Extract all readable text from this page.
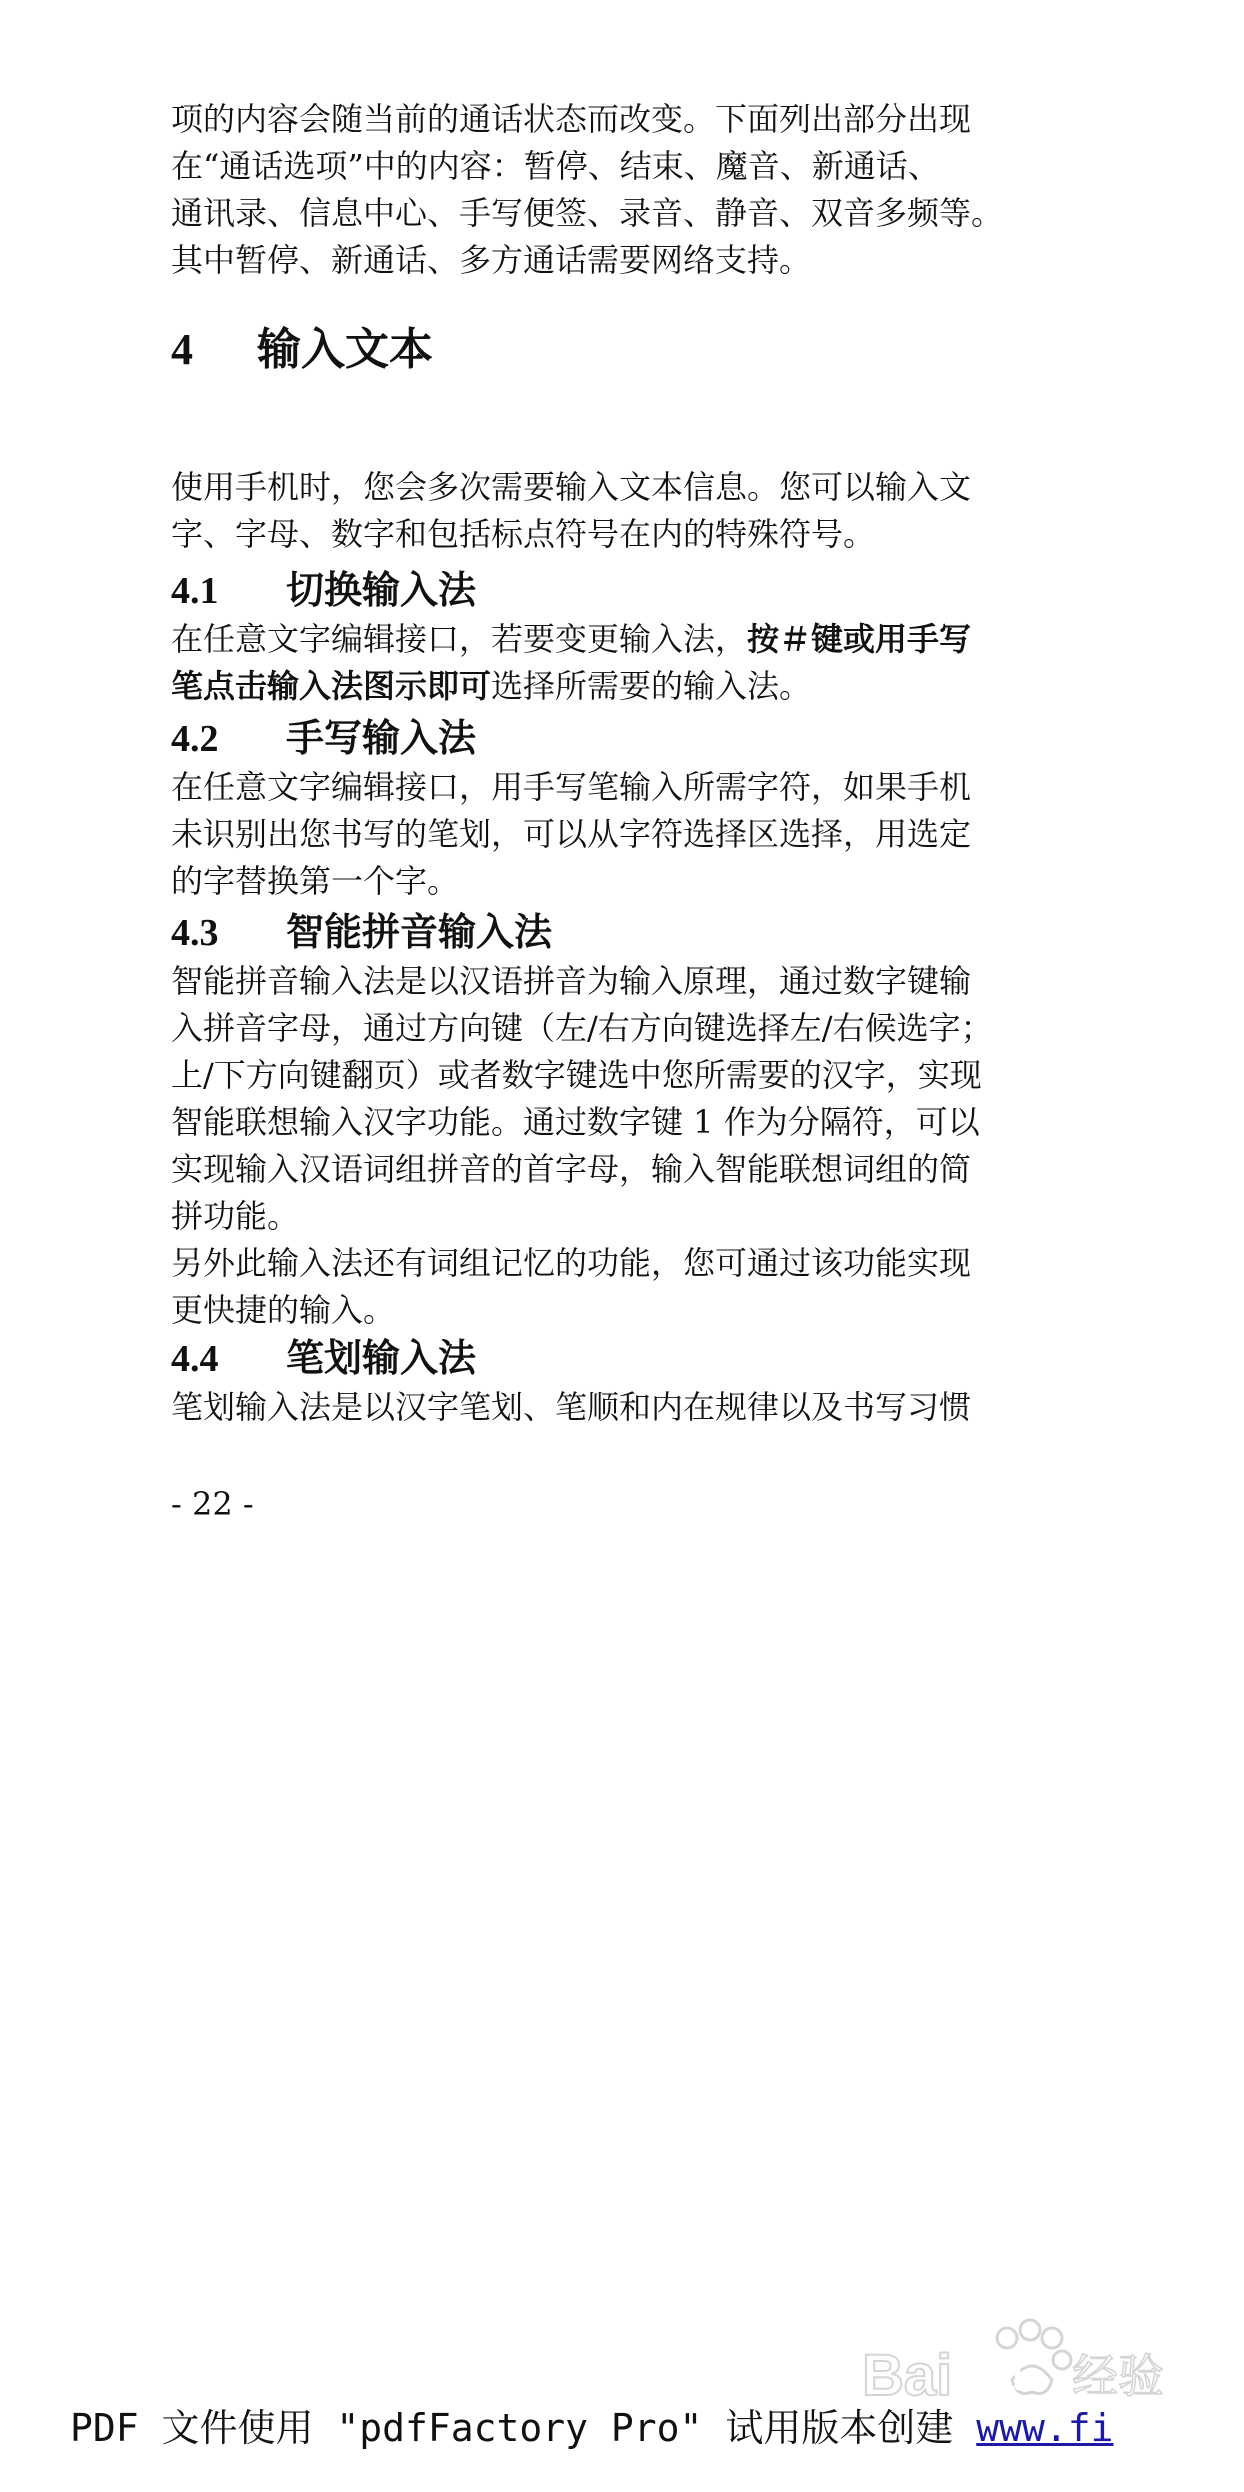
项的内容会随当前的通话状态而改变。下面列出部分出现
在“通话选项”中的内容：暂停、结束、魔音、新通话、
通讯录、信息中心、手写便签、录音、静音、双音多频等。
其中暂停、新通话、多方通话需要网络支持。

4 输入文本

使用手机时，您会多次需要输入文本信息。您可以输入文
字、字母、数字和包括标点符号在内的特殊符号。

4.1 切换输入法

在任意文字编辑接口，若要变更输入法，按＃键或用手写
笔点击输入法图示即可选择所需要的输入法。

4.2 手写输入法

在任意文字编辑接口，用手写笔输入所需字符，如果手机
未识别出您书写的笔划，可以从字符选择区选择，用选定
的字替换第一个字。

4.3 智能拼音输入法

智能拼音输入法是以汉语拼音为输入原理，通过数字键输
入拼音字母，通过方向键（左/右方向键选择左/右候选字；
上/下方向键翻页）或者数字键选中您所需要的汉字，实现
智能联想输入汉字功能。通过数字键 1 作为分隔符，可以
实现输入汉语词组拼音的首字母，输入智能联想词组的简
拼功能。
另外此输入法还有词组记忆的功能，您可通过该功能实现
更快捷的输入。

4.4 笔划输入法

笔划输入法是以汉字笔划、笔顺和内在规律以及书写习惯

- 22 -
Bai du 经验
PDF 文件使用 "pdfFactory Pro" 试用版本创建 www.fi
